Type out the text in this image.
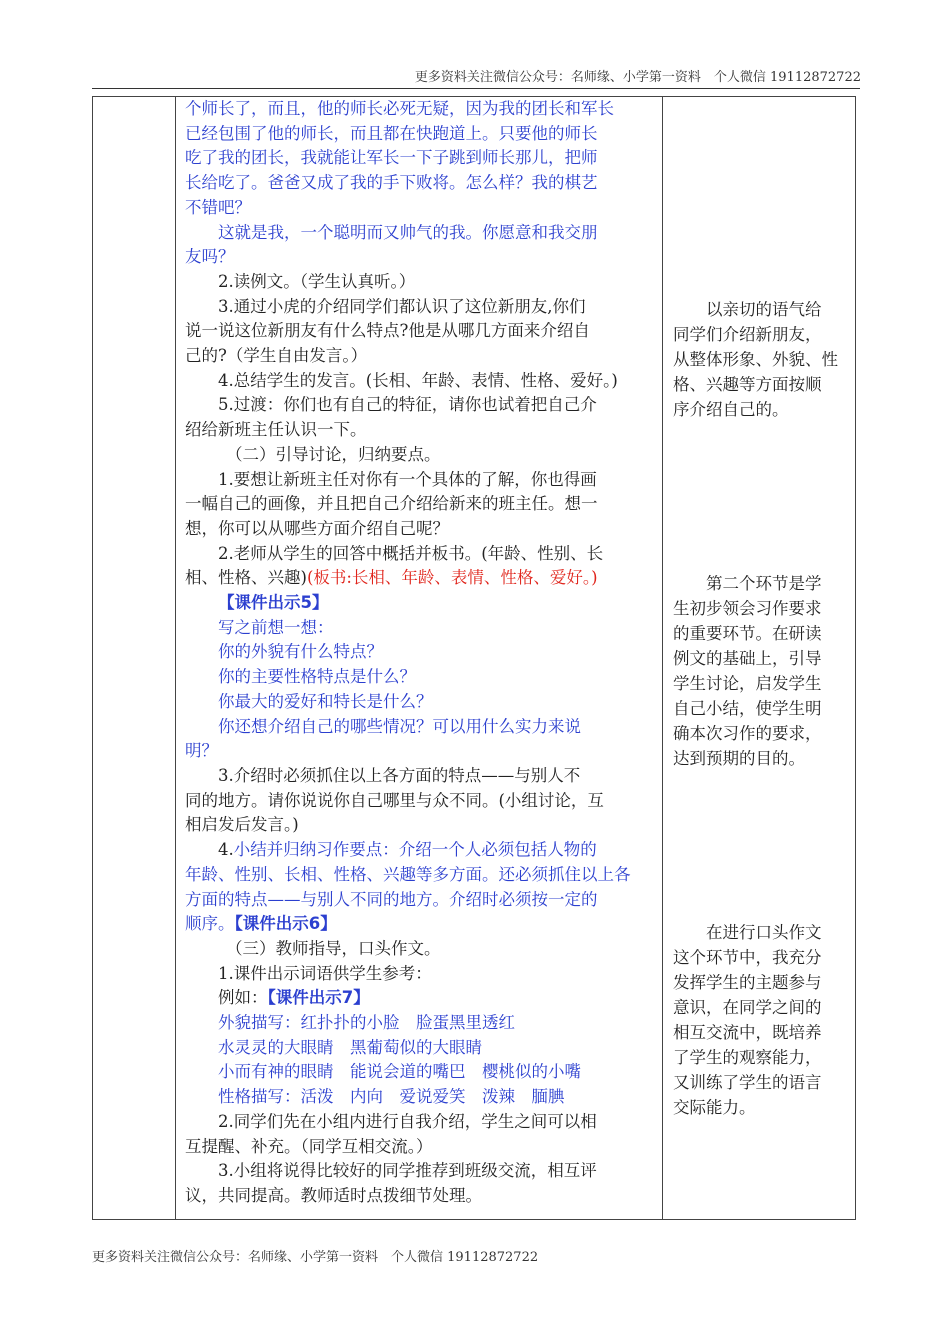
更多资料关注微信公众号：名师缘、小学第一资料　个人微信 19112872722

个师长了，而且，他的师长必死无疑，因为我的团长和军长

已经包围了他的师长，而且都在快跑道上。只要他的师长

吃了我的团长，我就能让军长一下子跳到师长那儿，把师

长给吃了。爸爸又成了我的手下败将。怎么样？我的棋艺

不错吧？

这就是我，一个聪明而又帅气的我。你愿意和我交朋

友吗？

2.读例文。（学生认真听。）

3.通过小虎的介绍同学们都认识了这位新朋友,你们

说一说这位新朋友有什么特点?他是从哪几方面来介绍自

己的?（学生自由发言。）

4.总结学生的发言。(长相、年龄、表情、性格、爱好。)

5.过渡：你们也有自己的特征，请你也试着把自己介

绍给新班主任认识一下。

（二）引导讨论，归纳要点。

1.要想让新班主任对你有一个具体的了解，你也得画

一幅自己的画像，并且把自己介绍给新来的班主任。想一

想，你可以从哪些方面介绍自己呢？

2.老师从学生的回答中概括并板书。(年龄、性别、长

相、性格、兴趣)(板书:长相、年龄、表情、性格、爱好。)

【课件出示5】

写之前想一想：

你的外貌有什么特点？

你的主要性格特点是什么？

你最大的爱好和特长是什么？

你还想介绍自己的哪些情况？可以用什么实力来说

明？

3.介绍时必须抓住以上各方面的特点——与别人不

同的地方。请你说说你自己哪里与众不同。(小组讨论，互

相启发后发言。)

4.小结并归纳习作要点：介绍一个人必须包括人物的

年龄、性别、长相、性格、兴趣等多方面。还必须抓住以上各

方面的特点——与别人不同的地方。介绍时必须按一定的

顺序。【课件出示6】

（三）教师指导，口头作文。

1.课件出示词语供学生参考：

例如：【课件出示7】

外貌描写：红扑扑的小脸　脸蛋黑里透红

水灵灵的大眼睛　黑葡萄似的大眼睛

小而有神的眼睛　能说会道的嘴巴　樱桃似的小嘴

性格描写：活泼　内向　爱说爱笑　泼辣　腼腆

2.同学们先在小组内进行自我介绍，学生之间可以相

互提醒、补充。（同学互相交流。）

3.小组将说得比较好的同学推荐到班级交流，相互评

议，共同提高。教师适时点拨细节处理。

以亲切的语气给

同学们介绍新朋友，

从整体形象、外貌、性

格、兴趣等方面按顺

序介绍自己的。

第二个环节是学

生初步领会习作要求

的重要环节。在研读

例文的基础上，引导

学生讨论，启发学生

自己小结，使学生明

确本次习作的要求，

达到预期的目的。

在进行口头作文

这个环节中，我充分

发挥学生的主题参与

意识，在同学之间的

相互交流中，既培养

了学生的观察能力，

又训练了学生的语言

交际能力。

更多资料关注微信公众号：名师缘、小学第一资料　个人微信 19112872722
